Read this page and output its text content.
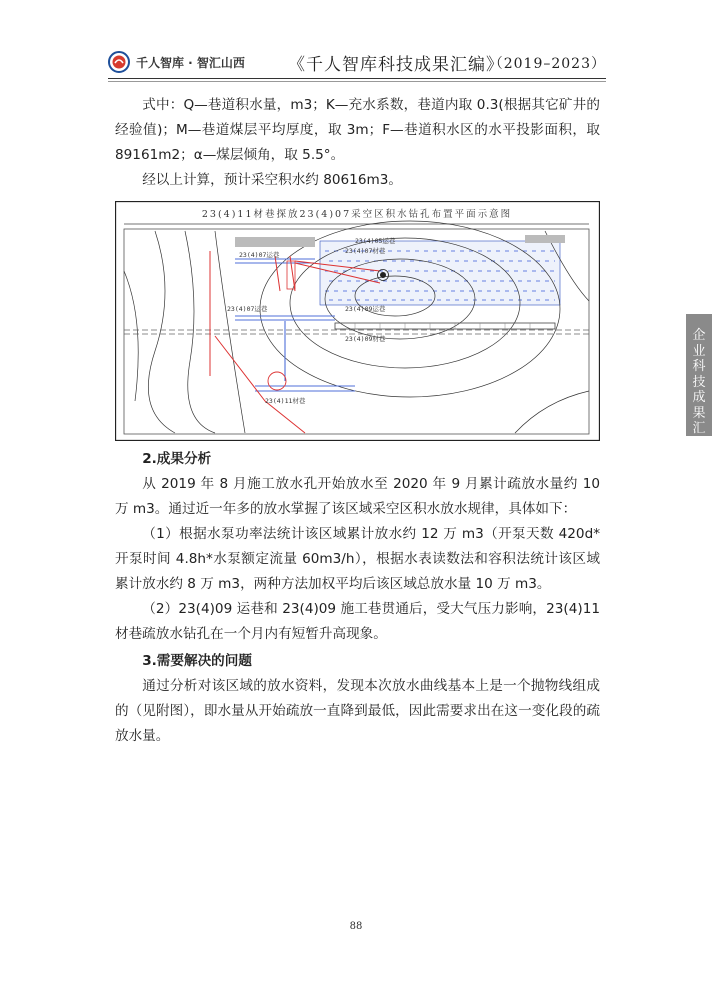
千人智库 · 智汇山西	《千人智库科技成果汇编》
（2019–2023）

式中：Q—巷道积水量，m3；K—充水系数，巷道内取 0.3(根据其它矿井的经验值)；M—巷道煤层平均厚度，取 3m；F—巷道积水区的水平投影面积，取 89161m2；α—煤层倾角，取 5.5°。

经以上计算，预计采空积水约 80616m3。

23(4)11材巷探放23(4)07采空区积水钻孔布置平面示意图
23(4)05运巷
23(4)07材巷
23(4)07运巷
23(4)07运巷	23(4)09运巷
23(4)09材巷
23(4)11材巷
2.成果分析

从 2019 年 8 月施工放水孔开始放水至 2020 年 9 月累计疏放水量约 10 万 m3。通过近一年多的放水掌握了该区域采空区积水放水规律，具体如下：

（1）根据水泵功率法统计该区域累计放水约 12 万 m3（开泵天数 420d*开泵时间 4.8h*水泵额定流量 60m3/h），根据水表读数法和容积法统计该区域累计放水约 8 万 m3，两种方法加权平均后该区域总放水量 10 万 m3。

（2）23(4)09 运巷和 23(4)09 施工巷贯通后，受大气压力影响，23(4)11 材巷疏放水钻孔在一个月内有短暂升高现象。

3.需要解决的问题

通过分析对该区域的放水资料，发现本次放水曲线基本上是一个抛物线组成的（见附图），即水量从开始疏放一直降到最低，因此需要求出在这一变化段的疏放水量。

企
业
科
技
成
果
汇
编
88
